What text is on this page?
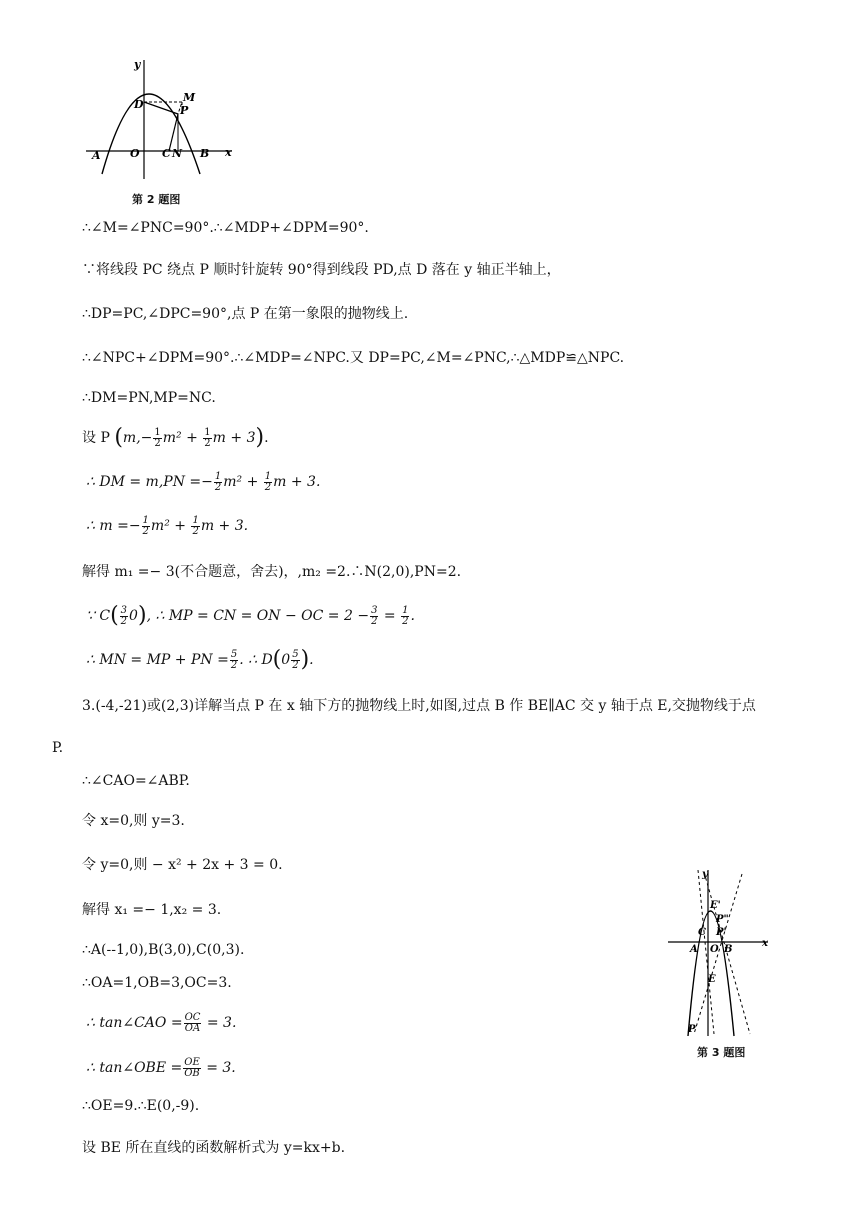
y
x
A	O C N B
D
M
P
第 2 题图
∴∠M=∠PNC=90°.∴∠MDP+∠DPM=90°.
∵将线段 PC 绕点 P 顺时针旋转 90°得到线段 PD,点 D 落在 y 轴正半轴上，
∴DP=PC,∠DPC=90°,点 P 在第一象限的抛物线上.
∴∠NPC+∠DPM=90°.∴∠MDP=∠NPC.又 DP=PC,∠M=∠PNC,∴△MDP≌△NPC.
∴DM=PN,MP=NC.
设 P ($m,- \frac{1}{2} m^2 + \frac{1}{2}$ m + 3).
∴ DM = $m,PN =- \frac{1}{2} m^2 + \frac{1}{2}$ m + 3.
∴ $m =- \frac{1}{2} m^2 + \frac{1}{2}$ m + 3.
解得 m₁ =− 3(不合题意，舍去)，,m₂ =2.∴N(2,0),PN=2.
∵ $C( \frac{3}{2} 0)$, ∴ MP = CN = ON − OC = $2 - \frac{3}{2} = \frac{1}{2}$ .
∴ MN = MP + PN = $\frac{5}{2}$ . ∴ $D(0 \frac{5}{2}$ ).
3.(-4,-21)或(2,3)详解当点 P 在 x 轴下方的抛物线上时,如图,过点 B 作 BE∥AC 交 y 轴于点 E,交抛物线于点
P.
∴∠CAO=∠ABP.
令 x=0,则 y=3.
令 y=0,则 − x² + 2x + 3 = 0.
解得 x₁ =− 1,x₂ = 3.
∴A(--1,0),B(3,0),C(0,3).
∴OA=1,OB=3,OC=3.
∴ tan∠CAO = $\frac{OC}{OA} = 3$.
∴ tan∠OBE = $\frac{OE}{OB} = 3$.
∴OE=9.∴E(0,-9).
设 BE 所在直线的函数解析式为 y=kx+b.
y
x
E'
P"
C P'
A O B
E
P
第 3 题图
